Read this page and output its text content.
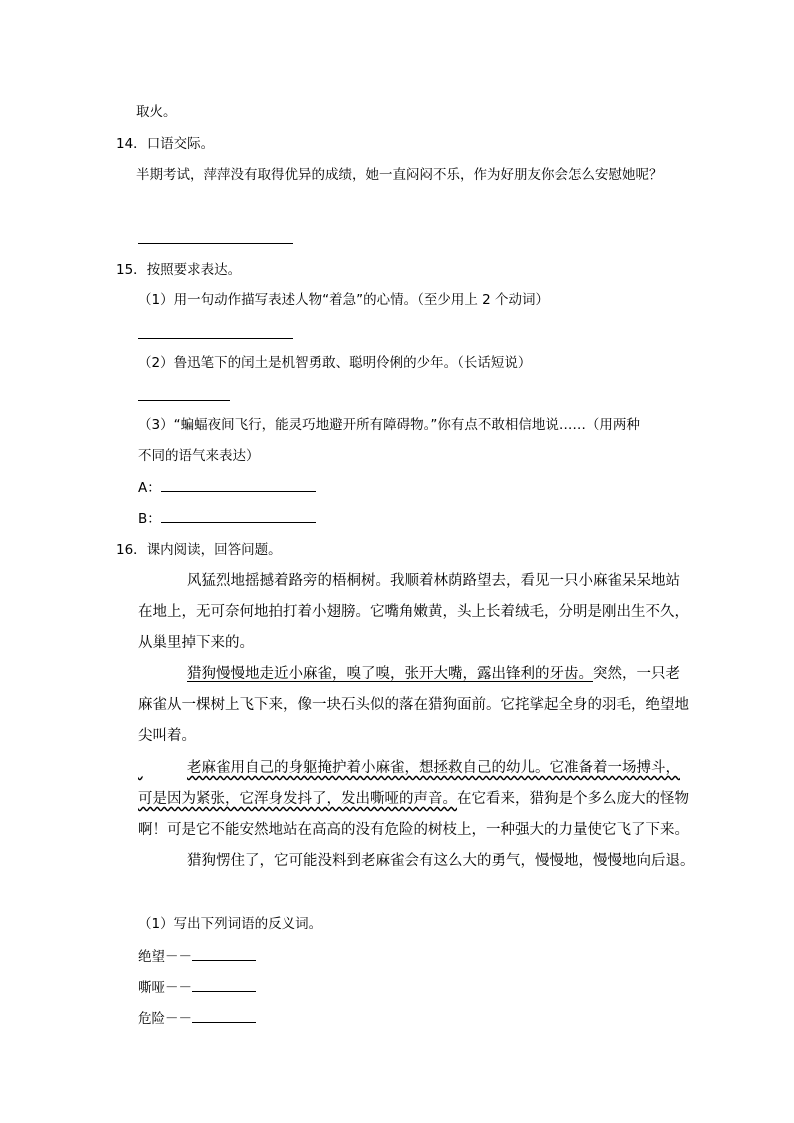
取火。
14．口语交际。
半期考试，萍萍没有取得优异的成绩，她一直闷闷不乐，作为好朋友你会怎么安慰她呢？
15．按照要求表达。
（1）用一句动作描写表述人物“着急”的心情。（至少用上 2 个动词）
（2）鲁迅笔下的闰土是机智勇敢、聪明伶俐的少年。（长话短说）
（3）“蝙蝠夜间飞行，能灵巧地避开所有障碍物。”你有点不敢相信地说……（用两种
不同的语气来表达）
A：
B：
16．课内阅读，回答问题。
风猛烈地摇撼着路旁的梧桐树。我顺着林荫路望去，看见一只小麻雀呆呆地站
在地上，无可奈何地拍打着小翅膀。它嘴角嫩黄，头上长着绒毛，分明是刚出生不久，
从巢里掉下来的。
猎狗慢慢地走近小麻雀，嗅了嗅，张开大嘴，露出锋利的牙齿。突然，一只老
麻雀从一棵树上飞下来，像一块石头似的落在猎狗面前。它挓挲起全身的羽毛，绝望地
尖叫着。
老麻雀用自己的身躯掩护着小麻雀，想拯救自己的幼儿。它准备着一场搏斗，
可是因为紧张，它浑身发抖了，发出嘶哑的声音。在它看来，猎狗是个多么庞大的怪物
啊！可是它不能安然地站在高高的没有危险的树枝上，一种强大的力量使它飞了下来。
猎狗愣住了，它可能没料到老麻雀会有这么大的勇气，慢慢地，慢慢地向后退。
（1）写出下列词语的反义词。
绝望－－
嘶哑－－
危险－－
